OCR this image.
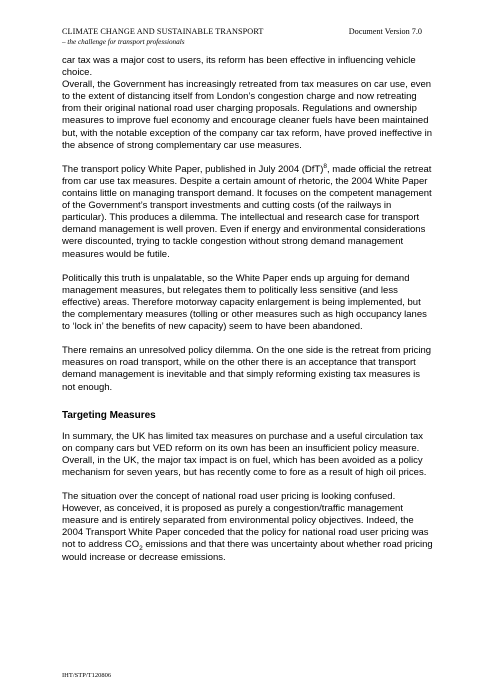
CLIMATE CHANGE AND SUSTAINABLE TRANSPORT
– the challenge for transport professionals
Document Version 7.0

car tax was a major cost to users, its reform has been effective in influencing vehicle choice.

Overall, the Government has increasingly retreated from tax measures on car use, even to the extent of distancing itself from London’s congestion charge and now retreating from their original national road user charging proposals. Regulations and ownership measures to improve fuel economy and encourage cleaner fuels have been maintained but, with the notable exception of the company car tax reform, have proved ineffective in the absence of strong complementary car use measures.

The transport policy White Paper, published in July 2004 (DfT)$^8$, made official the retreat from car use tax measures. Despite a certain amount of rhetoric, the 2004 White Paper contains little on managing transport demand. It focuses on the competent management of the Government’s transport investments and cutting costs (of the railways in particular). This produces a dilemma. The intellectual and research case for transport demand management is well proven. Even if energy and environmental considerations were discounted, trying to tackle congestion without strong demand management measures would be futile.

Politically this truth is unpalatable, so the White Paper ends up arguing for demand management measures, but relegates them to politically less sensitive (and less effective) areas. Therefore motorway capacity enlargement is being implemented, but the complementary measures (tolling or other measures such as high occupancy lanes to ‘lock in’ the benefits of new capacity) seem to have been abandoned.

There remains an unresolved policy dilemma. On the one side is the retreat from pricing measures on road transport, while on the other there is an acceptance that transport demand management is inevitable and that simply reforming existing tax measures is not enough.

Targeting Measures

In summary, the UK has limited tax measures on purchase and a useful circulation tax on company cars but VED reform on its own has been an insufficient policy measure. Overall, in the UK, the major tax impact is on fuel, which has been avoided as a policy mechanism for seven years, but has recently come to fore as a result of high oil prices.

The situation over the concept of national road user pricing is looking confused. However, as conceived, it is proposed as purely a congestion/traffic management measure and is entirely separated from environmental policy objectives. Indeed, the 2004 Transport White Paper conceded that the policy for national road user pricing was not to address $CO_2$ emissions and that there was uncertainty about whether road pricing would increase or decrease emissions.

IHT/STP/T120806
